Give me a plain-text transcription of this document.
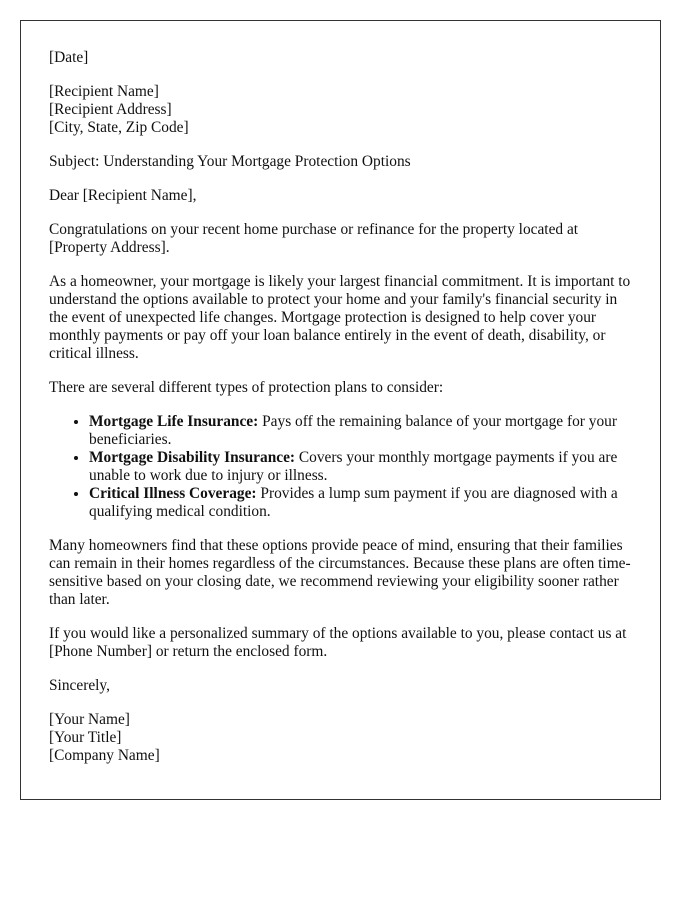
[Date]

[Recipient Name]
[Recipient Address]
[City, State, Zip Code]

Subject: Understanding Your Mortgage Protection Options

Dear [Recipient Name],

Congratulations on your recent home purchase or refinance for the property located at [Property Address].

As a homeowner, your mortgage is likely your largest financial commitment. It is important to understand the options available to protect your home and your family's financial security in the event of unexpected life changes. Mortgage protection is designed to help cover your monthly payments or pay off your loan balance entirely in the event of death, disability, or critical illness.

There are several different types of protection plans to consider:

• Mortgage Life Insurance: Pays off the remaining balance of your mortgage for your beneficiaries.
• Mortgage Disability Insurance: Covers your monthly mortgage payments if you are unable to work due to injury or illness.
• Critical Illness Coverage: Provides a lump sum payment if you are diagnosed with a qualifying medical condition.

Many homeowners find that these options provide peace of mind, ensuring that their families can remain in their homes regardless of the circumstances. Because these plans are often time-sensitive based on your closing date, we recommend reviewing your eligibility sooner rather than later.

If you would like a personalized summary of the options available to you, please contact us at [Phone Number] or return the enclosed form.

Sincerely,

[Your Name]
[Your Title]
[Company Name]
